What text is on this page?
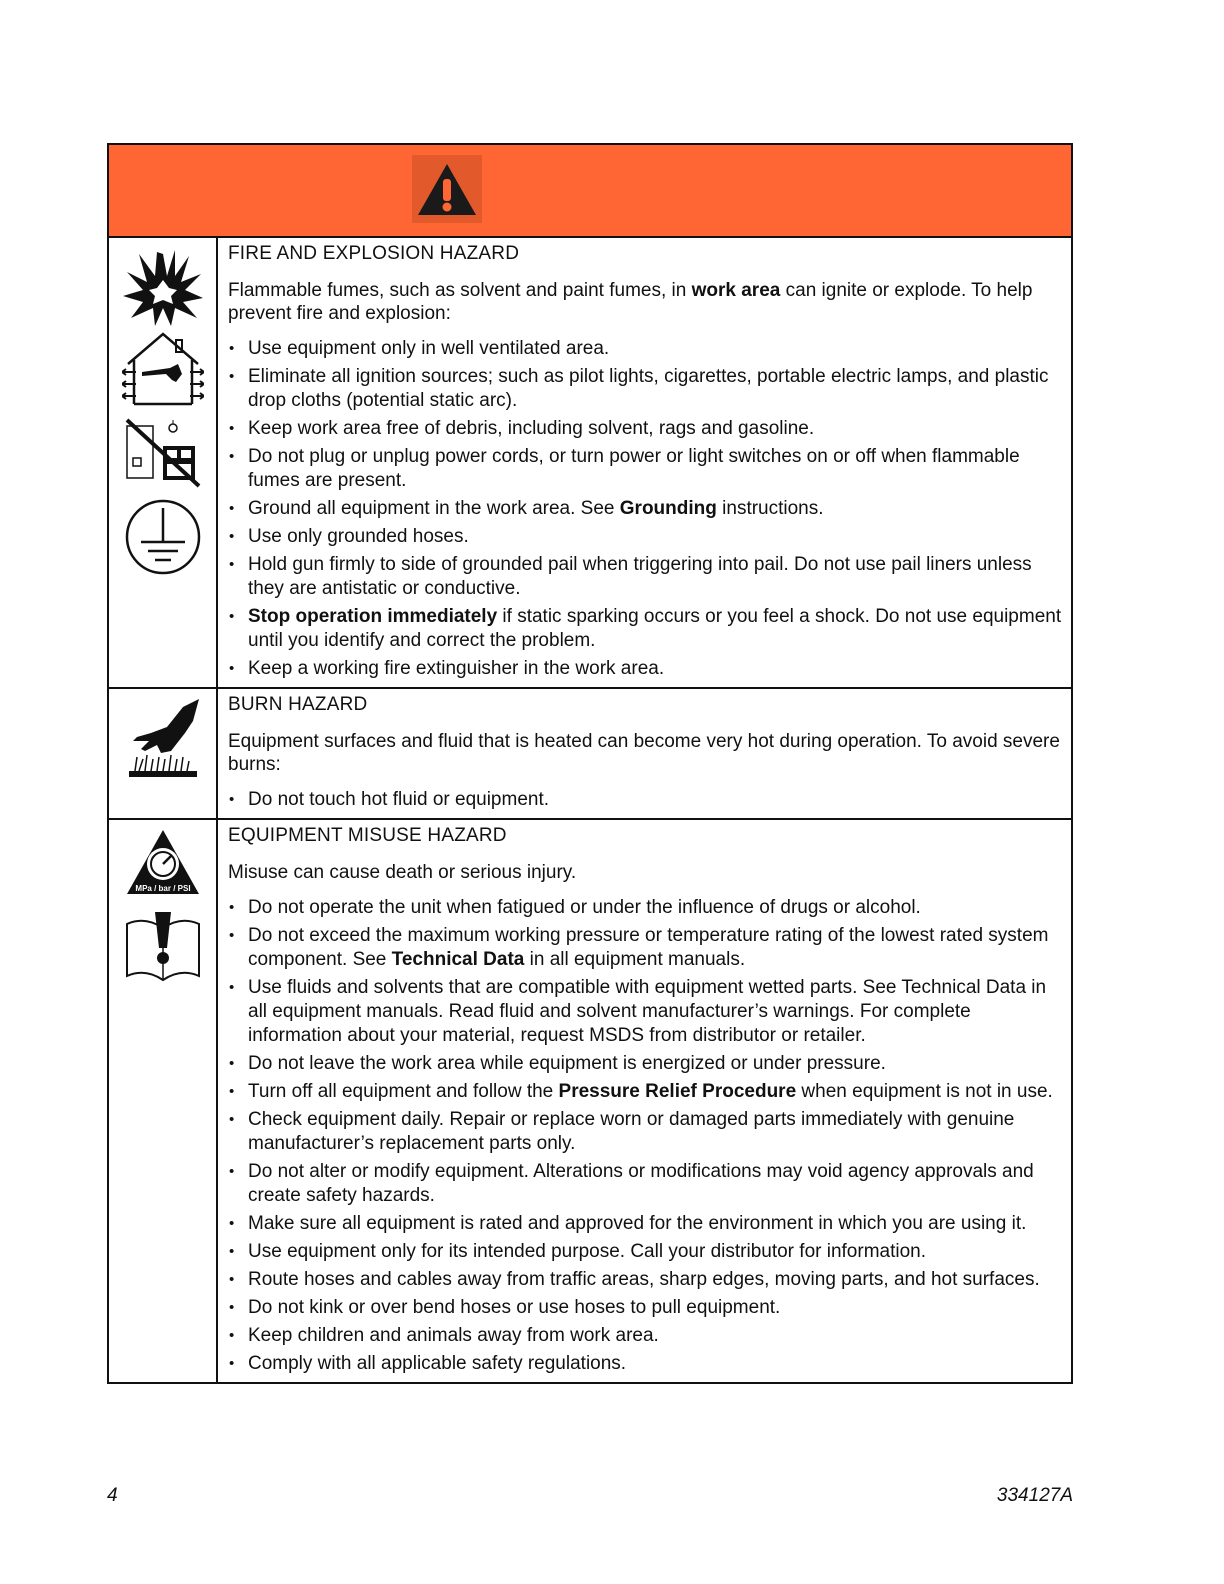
FIRE AND EXPLOSION HAZARD

Flammable fumes, such as solvent and paint fumes, in work area can ignite or explode. To help prevent fire and explosion:

• Use equipment only in well ventilated area.
• Eliminate all ignition sources; such as pilot lights, cigarettes, portable electric lamps, and plastic drop cloths (potential static arc).
• Keep work area free of debris, including solvent, rags and gasoline.
• Do not plug or unplug power cords, or turn power or light switches on or off when flammable fumes are present.
• Ground all equipment in the work area. See Grounding instructions.
• Use only grounded hoses.
• Hold gun firmly to side of grounded pail when triggering into pail. Do not use pail liners unless they are antistatic or conductive.
• Stop operation immediately if static sparking occurs or you feel a shock. Do not use equipment until you identify and correct the problem.
• Keep a working fire extinguisher in the work area.
BURN HAZARD

Equipment surfaces and fluid that is heated can become very hot during operation. To avoid severe burns:

• Do not touch hot fluid or equipment.
MPa / bar / PSI
EQUIPMENT MISUSE HAZARD

Misuse can cause death or serious injury.

• Do not operate the unit when fatigued or under the influence of drugs or alcohol.
• Do not exceed the maximum working pressure or temperature rating of the lowest rated system component. See Technical Data in all equipment manuals.
• Use fluids and solvents that are compatible with equipment wetted parts. See Technical Data in all equipment manuals. Read fluid and solvent manufacturer’s warnings. For complete information about your material, request MSDS from distributor or retailer.
• Do not leave the work area while equipment is energized or under pressure.
• Turn off all equipment and follow the Pressure Relief Procedure when equipment is not in use.
• Check equipment daily. Repair or replace worn or damaged parts immediately with genuine manufacturer’s replacement parts only.
• Do not alter or modify equipment. Alterations or modifications may void agency approvals and create safety hazards.
• Make sure all equipment is rated and approved for the environment in which you are using it.
• Use equipment only for its intended purpose. Call your distributor for information.
• Route hoses and cables away from traffic areas, sharp edges, moving parts, and hot surfaces.
• Do not kink or over bend hoses or use hoses to pull equipment.
• Keep children and animals away from work area.
• Comply with all applicable safety regulations.
4	334127A
